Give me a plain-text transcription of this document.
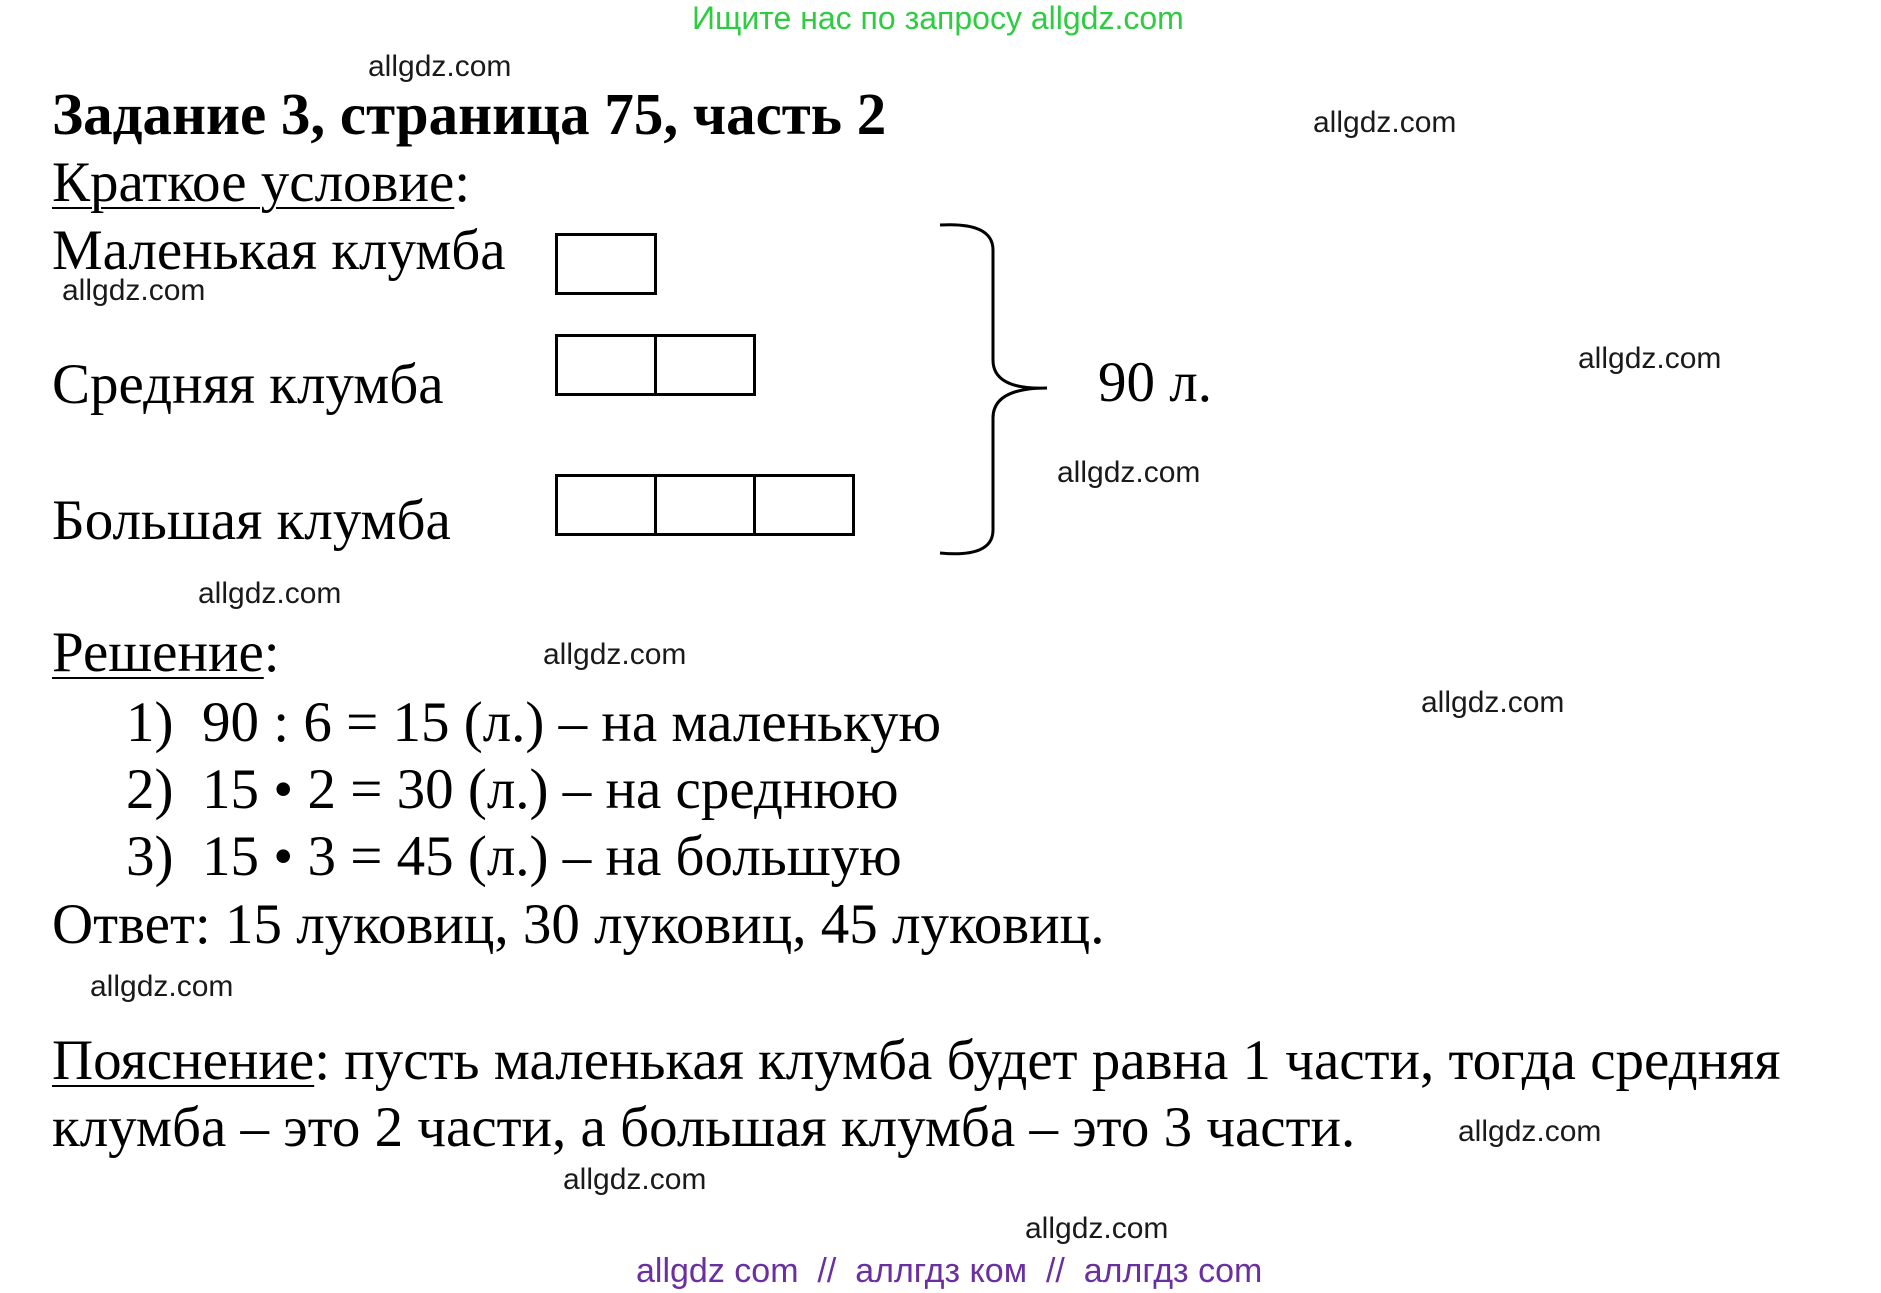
Ищите нас по запросу allgdz.com
allgdz.com
allgdz.com
allgdz.com
allgdz.com
allgdz.com
allgdz.com
allgdz.com
allgdz.com
allgdz.com
allgdz.com
allgdz.com
allgdz.com
Задание 3, страница 75, часть 2
Краткое условие:
Маленькая клумба
Средняя клумба
Большая клумба
90 л.
Решение:
1) 90 : 6 = 15 (л.) – на маленькую
2) 15 • 2 = 30 (л.) – на среднюю
3) 15 • 3 = 45 (л.) – на большую
Ответ: 15 луковиц, 30 луковиц, 45 луковиц.
Пояснение: пусть маленькая клумба будет равна 1 части, тогда средняя
клумба – это 2 части, а большая клумба – это 3 части.
allgdz com  //  аллгдз ком  //  аллгдз com
